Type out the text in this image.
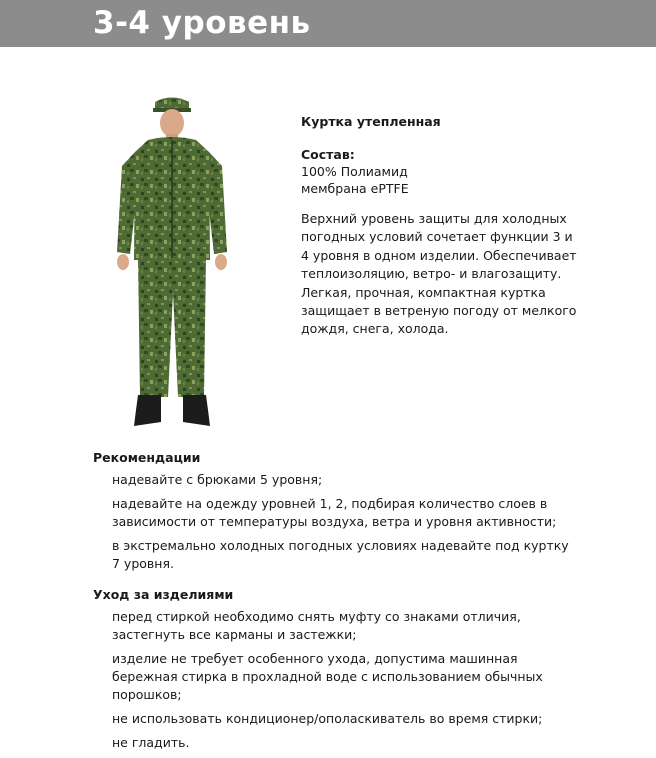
3-4 уровень
Куртка утепленная
Состав:
100% Полиамид
мембрана ePTFE
Верхний уровень защиты для холодных погодных условий сочетает функции 3 и 4 уровня в одном изделии. Обеспечивает теплоизоляцию, ветро- и влагозащиту. Легкая, прочная, компактная куртка защищает в ветреную погоду от мелкого дождя, снега, холода.
Рекомендации
надевайте с брюками 5 уровня;
надевайте на одежду уровней 1, 2, подбирая количество слоев в зависимости от температуры воздуха, ветра и уровня активности;
в экстремально холодных погодных условиях надевайте под куртку 7 уровня.
Уход за изделиями
перед стиркой необходимо снять муфту со знаками отличия, застегнуть все карманы и застежки;
изделие не требует особенного ухода, допустима машинная бережная стирка в прохладной воде с использованием обычных порошков;
не использовать кондиционер/ополаскиватель во время стирки;
не гладить.
